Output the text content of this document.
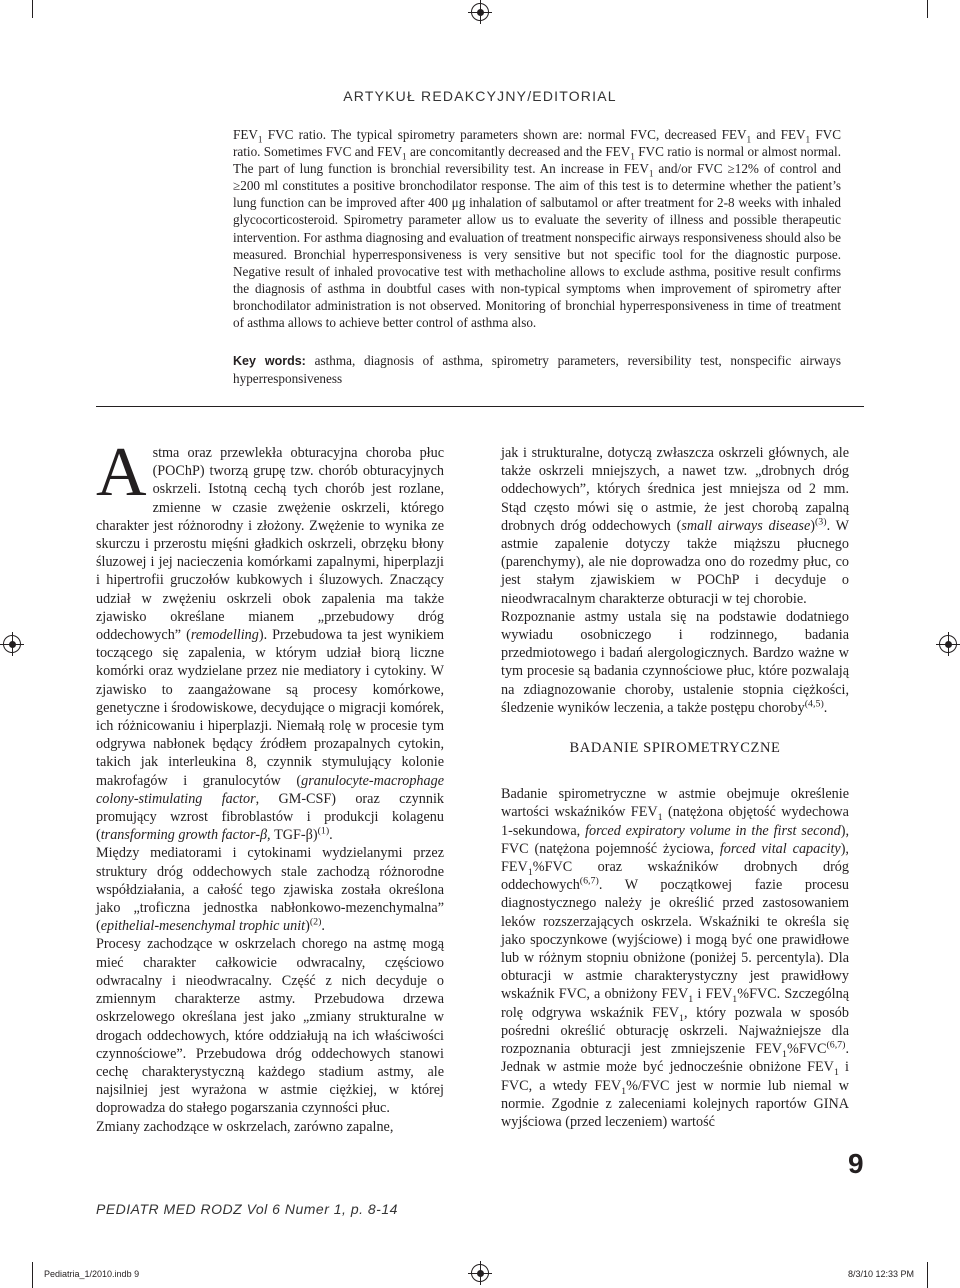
ARTYKUŁ REDAKCYJNY/EDITORIAL

$FEV_1$ FVC ratio. The typical spirometry parameters shown are: normal FVC, decreased $FEV_1$ and $FEV_1$ FVC ratio. Sometimes FVC and $FEV_1$ are concomitantly decreased and the $FEV_1$ FVC ratio is normal or almost normal. The part of lung function is bronchial reversibility test. An increase in $FEV_1$ and/or FVC ≥12% of control and ≥200 ml constitutes a positive bronchodilator response. The aim of this test is to determine whether the patient’s lung function can be improved after 400 μg inhalation of salbutamol or after treatment for 2-8 weeks with inhaled glycocorticosteroid. Spirometry parameter allow us to evaluate the severity of illness and possible therapeutic intervention. For asthma diagnosing and evaluation of treatment nonspecific airways responsiveness should also be measured. Bronchial hyperresponsiveness is very sensitive but not specific tool for the diagnostic purpose. Negative result of inhaled provocative test with methacholine allows to exclude asthma, positive result confirms the diagnosis of asthma in doubtful cases with non-typical symptoms when improvement of spirometry after bronchodilator administration is not observed. Monitoring of bronchial hyperresponsiveness in time of treatment of asthma allows to achieve better control of asthma also.

Key words: asthma, diagnosis of asthma, spirometry parameters, reversibility test, nonspecific airways hyperresponsiveness

Astma oraz przewlekła obturacyjna choroba płuc (POChP) tworzą grupę tzw. chorób obturacyjnych oskrzeli. Istotną cechą tych chorób jest rozlane, zmienne w czasie zwężenie oskrzeli, którego charakter jest różnorodny i złożony. Zwężenie to wynika ze skurczu i przerostu mięśni gładkich oskrzeli, obrzęku błony śluzowej i jej nacieczenia komórkami zapalnymi, hiperplazji i hipertrofii gruczołów kubkowych i śluzowych. Znaczący udział w zwężeniu oskrzeli obok zapalenia ma także zjawisko określane mianem „przebudowy dróg oddechowych” (remodelling). Przebudowa ta jest wynikiem toczącego się zapalenia, w którym udział biorą liczne komórki oraz wydzielane przez nie mediatory i cytokiny. W zjawisko to zaangażowane są procesy komórkowe, genetyczne i środowiskowe, decydujące o migracji komórek, ich różnicowaniu i hiperplazji. Niemałą rolę w procesie tym odgrywa nabłonek będący źródłem prozapalnych cytokin, takich jak interleukina 8, czynnik stymulujący kolonie makrofagów i granulocytów (granulocyte-macrophage colony-stimulating factor, GM-CSF) oraz czynnik promujący wzrost fibroblastów i produkcji kolagenu (transforming growth factor-β, TGF-β)$^{(1)}$.

Między mediatorami i cytokinami wydzielanymi przez struktury dróg oddechowych stale zachodzą różnorodne współdziałania, a całość tego zjawiska została określona jako „troficzna jednostka nabłonkowo-mezenchymalna” (epithelial-mesenchymal trophic unit)$^{(2)}$.

Procesy zachodzące w oskrzelach chorego na astmę mogą mieć charakter całkowicie odwracalny, częściowo odwracalny i nieodwracalny. Część z nich decyduje o zmiennym charakterze astmy. Przebudowa drzewa oskrzelowego określana jest jako „zmiany strukturalne w drogach oddechowych, które oddziałują na ich właściwości czynnościowe”. Przebudowa dróg oddechowych stanowi cechę charakterystyczną każdego stadium astmy, ale najsilniej jest wyrażona w astmie ciężkiej, w której doprowadza do stałego pogarszania czynności płuc.

Zmiany zachodzące w oskrzelach, zarówno zapalne,

jak i strukturalne, dotyczą zwłaszcza oskrzeli głównych, ale także oskrzeli mniejszych, a nawet tzw. „drobnych dróg oddechowych”, których średnica jest mniejsza od 2 mm. Stąd często mówi się o astmie, że jest chorobą zapalną drobnych dróg oddechowych (small airways disease)$^{(3)}$. W astmie zapalenie dotyczy także miąższu płucnego (parenchymy), ale nie doprowadza ono do rozedmy płuc, co jest stałym zjawiskiem w POChP i decyduje o nieodwracalnym charakterze obturacji w tej chorobie.

Rozpoznanie astmy ustala się na podstawie dodatniego wywiadu osobniczego i rodzinnego, badania przedmiotowego i badań alergologicznych. Bardzo ważne w tym procesie są badania czynnościowe płuc, które pozwalają na zdiagnozowanie choroby, ustalenie stopnia ciężkości, śledzenie wyników leczenia, a także postępu choroby$^{(4,5)}$.

BADANIE SPIROMETRYCZNE

Badanie spirometryczne w astmie obejmuje określenie wartości wskaźników $FEV_1$ (natężona objętość wydechowa 1-sekundowa, forced expiratory volume in the first second), FVC (natężona pojemność życiowa, forced vital capacity), $FEV_1\%FVC$ oraz wskaźników drobnych dróg oddechowych$^{(6,7)}$. W początkowej fazie procesu diagnostycznego należy je określić przed zastosowaniem leków rozszerzających oskrzela. Wskaźniki te określa się jako spoczynkowe (wyjściowe) i mogą być one prawidłowe lub w różnym stopniu obniżone (poniżej 5. percentyla). Dla obturacji w astmie charakterystyczny jest prawidłowy wskaźnik FVC, a obniżony $FEV_1$ i $FEV_1\%FVC$. Szczególną rolę odgrywa wskaźnik $FEV_1$, który pozwala w sposób pośredni określić obturację oskrzeli. Najważniejsze dla rozpoznania obturacji jest zmniejszenie $FEV_1\%FVC^{(6,7)}$. Jednak w astmie może być jednocześnie obniżone $FEV_1$ i FVC, a wtedy $FEV_1\%$/FVC jest w normie lub niemal w normie. Zgodnie z zaleceniami kolejnych raportów GINA wyjściowa (przed leczeniem) wartość

9
PEDIATR MED RODZ Vol 6 Numer 1, p. 8-14
Pediatria_1/2010.indb 9	8/3/10 12:33 PM
